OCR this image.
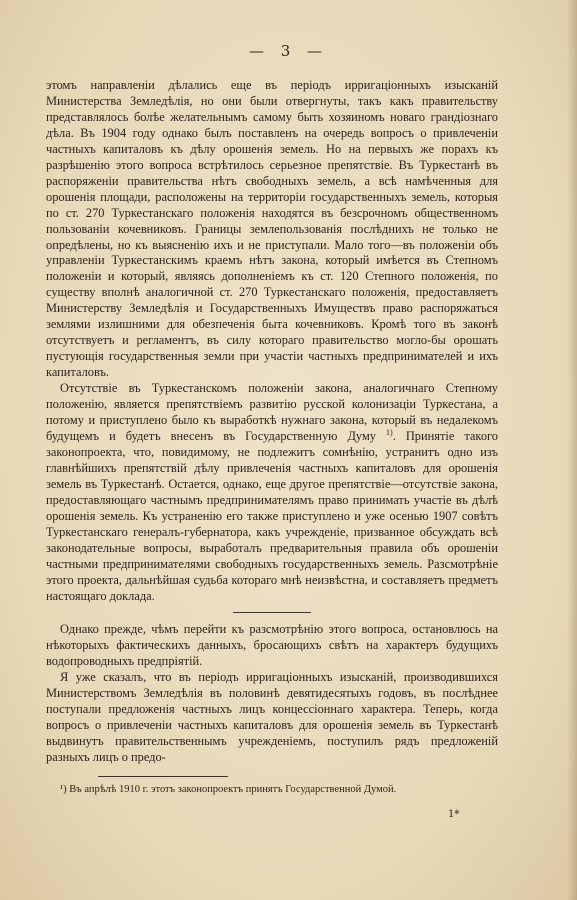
— 3 —

этомъ направленіи дѣлались еще въ періодъ ирригаціонныхъ изысканій Министерства Земледѣлія, но они были отвергнуты, такъ какъ правительству представлялось болѣе желательнымъ самому быть хозяиномъ новаго грандіознаго дѣла. Въ 1904 году однако былъ поставленъ на очередь вопросъ о привлеченіи частныхъ капиталовъ къ дѣлу орошенія земель. Но на первыхъ же порахъ къ разрѣшенію этого вопроса встрѣтилось серьезное препятствіе. Въ Туркестанѣ въ распоряженіи правительства нѣтъ свободныхъ земель, а всѣ намѣченныя для орошенія площади, расположены на территоріи государственныхъ земель, которыя по ст. 270 Туркестанскаго положенія находятся въ безсрочномъ общественномъ пользованіи кочевниковъ. Границы землепользованія послѣднихъ не только не опредѣлены, но къ выясненію ихъ и не приступали. Мало того—въ положеніи объ управленіи Туркестанскимъ краемъ нѣтъ закона, который имѣется въ Степномъ положеніи и который, являясь дополненіемъ къ ст. 120 Степного положенія, по существу вполнѣ аналогичной ст. 270 Туркестанскаго положенія, предоставляетъ Министерству Земледѣлія и Государственныхъ Имуществъ право распоряжаться землями излишними для обезпеченія быта кочевниковъ. Кромѣ того въ законѣ отсутствуетъ и регламентъ, въ силу котораго правительство могло-бы орошать пустующія государственныя земли при участіи частныхъ предпринимателей и ихъ капиталовъ.

Отсутствіе въ Туркестанскомъ положеніи закона, аналогичнаго Степному положенію, является препятствіемъ развитію русской колонизаціи Туркестана, а потому и приступлено было къ выработкѣ нужнаго закона, который въ недалекомъ будущемъ и будетъ внесенъ въ Государственную Думу $^{1)}$. Принятіе такого законопроекта, что, повидимому, не подлежитъ сомнѣнію, устранитъ одно изъ главнѣйшихъ препятствій дѣлу привлеченія частныхъ капиталовъ для орошенія земель въ Туркестанѣ. Остается, однако, еще другое препятствіе—отсутствіе закона, предоставляющаго частнымъ предпринимателямъ право принимать участіе въ дѣлѣ орошенія земель. Къ устраненію его также приступлено и уже осенью 1907 совѣтъ Туркестанскаго генералъ-губернатора, какъ учрежденіе, призванное обсуждать всѣ законодательные вопросы, выработалъ предварительныя правила объ орошеніи частными предпринимателями свободныхъ государственныхъ земель. Разсмотрѣніе этого проекта, дальнѣйшая судьба котораго мнѣ неизвѣстна, и составляетъ предметъ настоящаго доклада.

Однако прежде, чѣмъ перейти къ разсмотрѣнію этого вопроса, остановлюсь на нѣкоторыхъ фактическихъ данныхъ, бросающихъ свѣтъ на характеръ будущихъ водопроводныхъ предпріятій.

Я уже сказалъ, что въ періодъ ирригаціонныхъ изысканій, производившихся Министерствомъ Земледѣлія въ половинѣ девятидесятыхъ годовъ, въ послѣднее поступали предложенія частныхъ лицъ концессіоннаго характера. Теперь, когда вопросъ о привлеченіи частныхъ капиталовъ для орошенія земель въ Туркестанѣ выдвинутъ правительственнымъ учрежденіемъ, поступилъ рядъ предложеній разныхъ лицъ о предо-

¹) Въ апрѣлѣ 1910 г. этотъ законопроектъ принятъ Государственной Думой.

1*
